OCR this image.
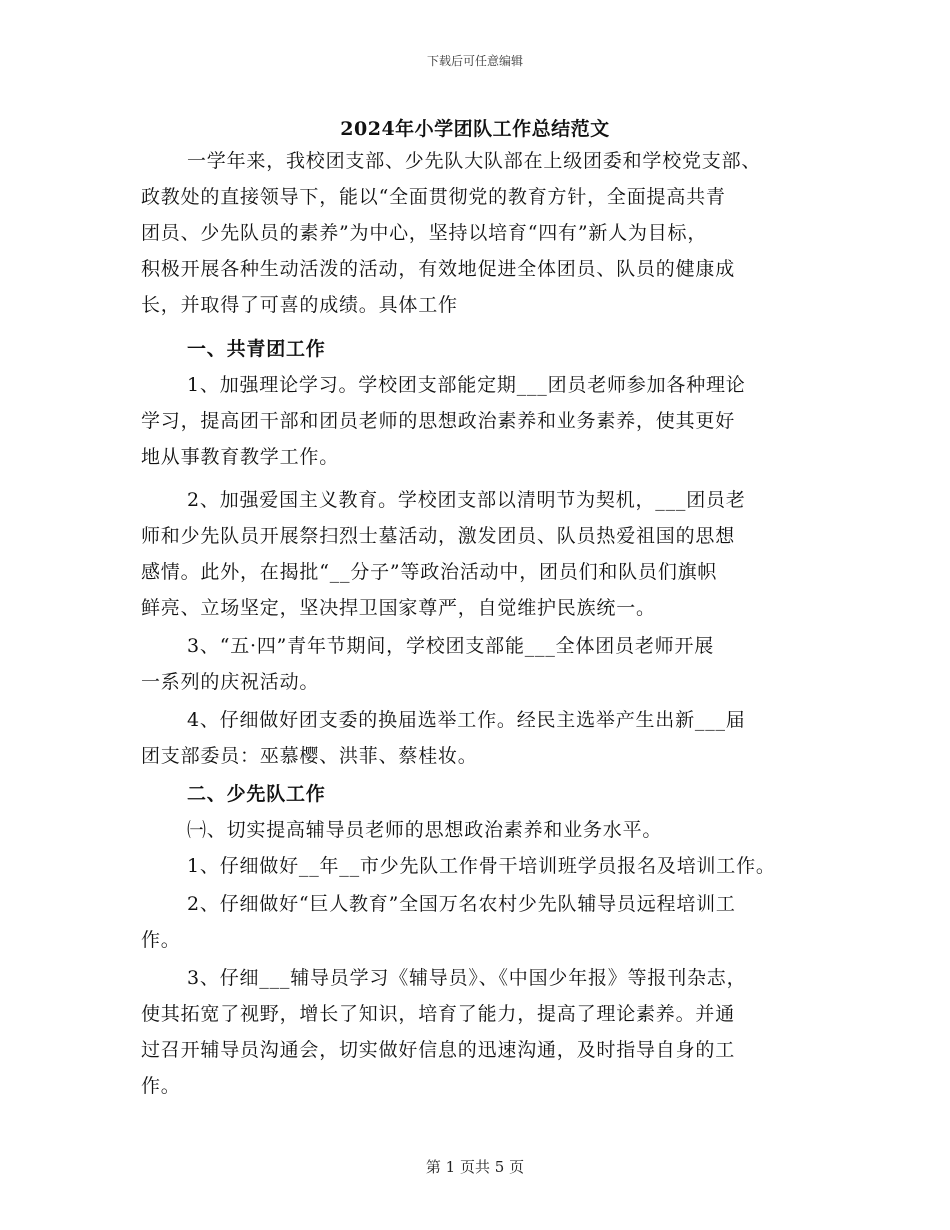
下载后可任意编辑
2024年小学团队工作总结范文
一学年来，我校团支部、少先队大队部在上级团委和学校党支部、
政教处的直接领导下，能以“全面贯彻党的教育方针，全面提高共青
团员、少先队员的素养”为中心，坚持以培育“四有”新人为目标，
积极开展各种生动活泼的活动，有效地促进全体团员、队员的健康成
长，并取得了可喜的成绩。具体工作
一、共青团工作
1、加强理论学习。学校团支部能定期___团员老师参加各种理论
学习，提高团干部和团员老师的思想政治素养和业务素养，使其更好
地从事教育教学工作。
2、加强爱国主义教育。学校团支部以清明节为契机，___团员老
师和少先队员开展祭扫烈士墓活动，激发团员、队员热爱祖国的思想
感情。此外，在揭批“__分子”等政治活动中，团员们和队员们旗帜
鲜亮、立场坚定，坚决捍卫国家尊严，自觉维护民族统一。
3、“五·四”青年节期间，学校团支部能___全体团员老师开展
一系列的庆祝活动。
4、仔细做好团支委的换届选举工作。经民主选举产生出新___届
团支部委员：巫慕樱、洪菲、蔡桂妆。
二、少先队工作
㈠、切实提高辅导员老师的思想政治素养和业务水平。
1、仔细做好__年__市少先队工作骨干培训班学员报名及培训工作。
2、仔细做好“巨人教育”全国万名农村少先队辅导员远程培训工
作。
3、仔细___辅导员学习《辅导员》、《中国少年报》等报刊杂志，
使其拓宽了视野，增长了知识，培育了能力，提高了理论素养。并通
过召开辅导员沟通会，切实做好信息的迅速沟通，及时指导自身的工
作。
第 1 页共 5 页
